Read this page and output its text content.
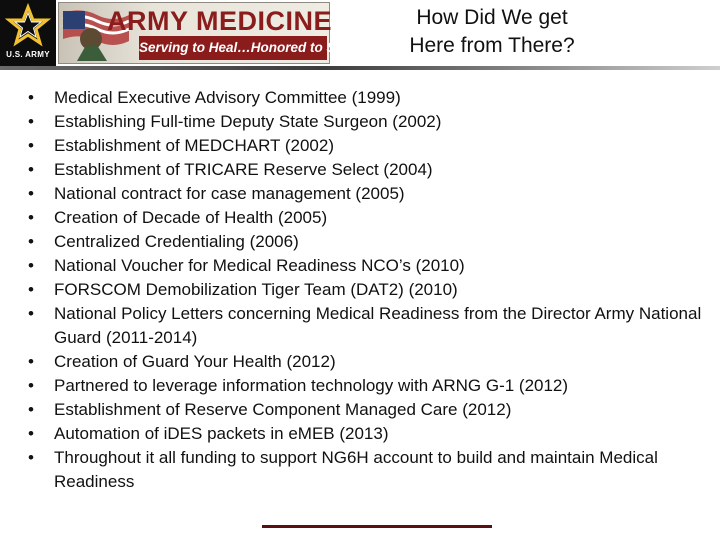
U.S. ARMY
ARMY MEDICINE
Serving to Heal…Honored to Serve
How Did We get
Here from There?
• Medical Executive Advisory Committee (1999)
• Establishing Full-time Deputy State Surgeon (2002)
• Establishment of MEDCHART (2002)
• Establishment of TRICARE Reserve Select (2004)
• National contract for case management (2005)
• Creation of Decade of Health (2005)
• Centralized Credentialing (2006)
• National Voucher for Medical Readiness NCO’s (2010)
• FORSCOM Demobilization Tiger Team (DAT2) (2010)
• National Policy Letters concerning Medical Readiness from the Director Army National Guard (2011-2014)
• Creation of Guard Your Health (2012)
• Partnered to leverage information technology with ARNG G-1 (2012)
• Establishment of Reserve Component Managed Care (2012)
• Automation of iDES packets in eMEB (2013)
• Throughout it all funding to support NG6H account to build and maintain Medical Readiness
